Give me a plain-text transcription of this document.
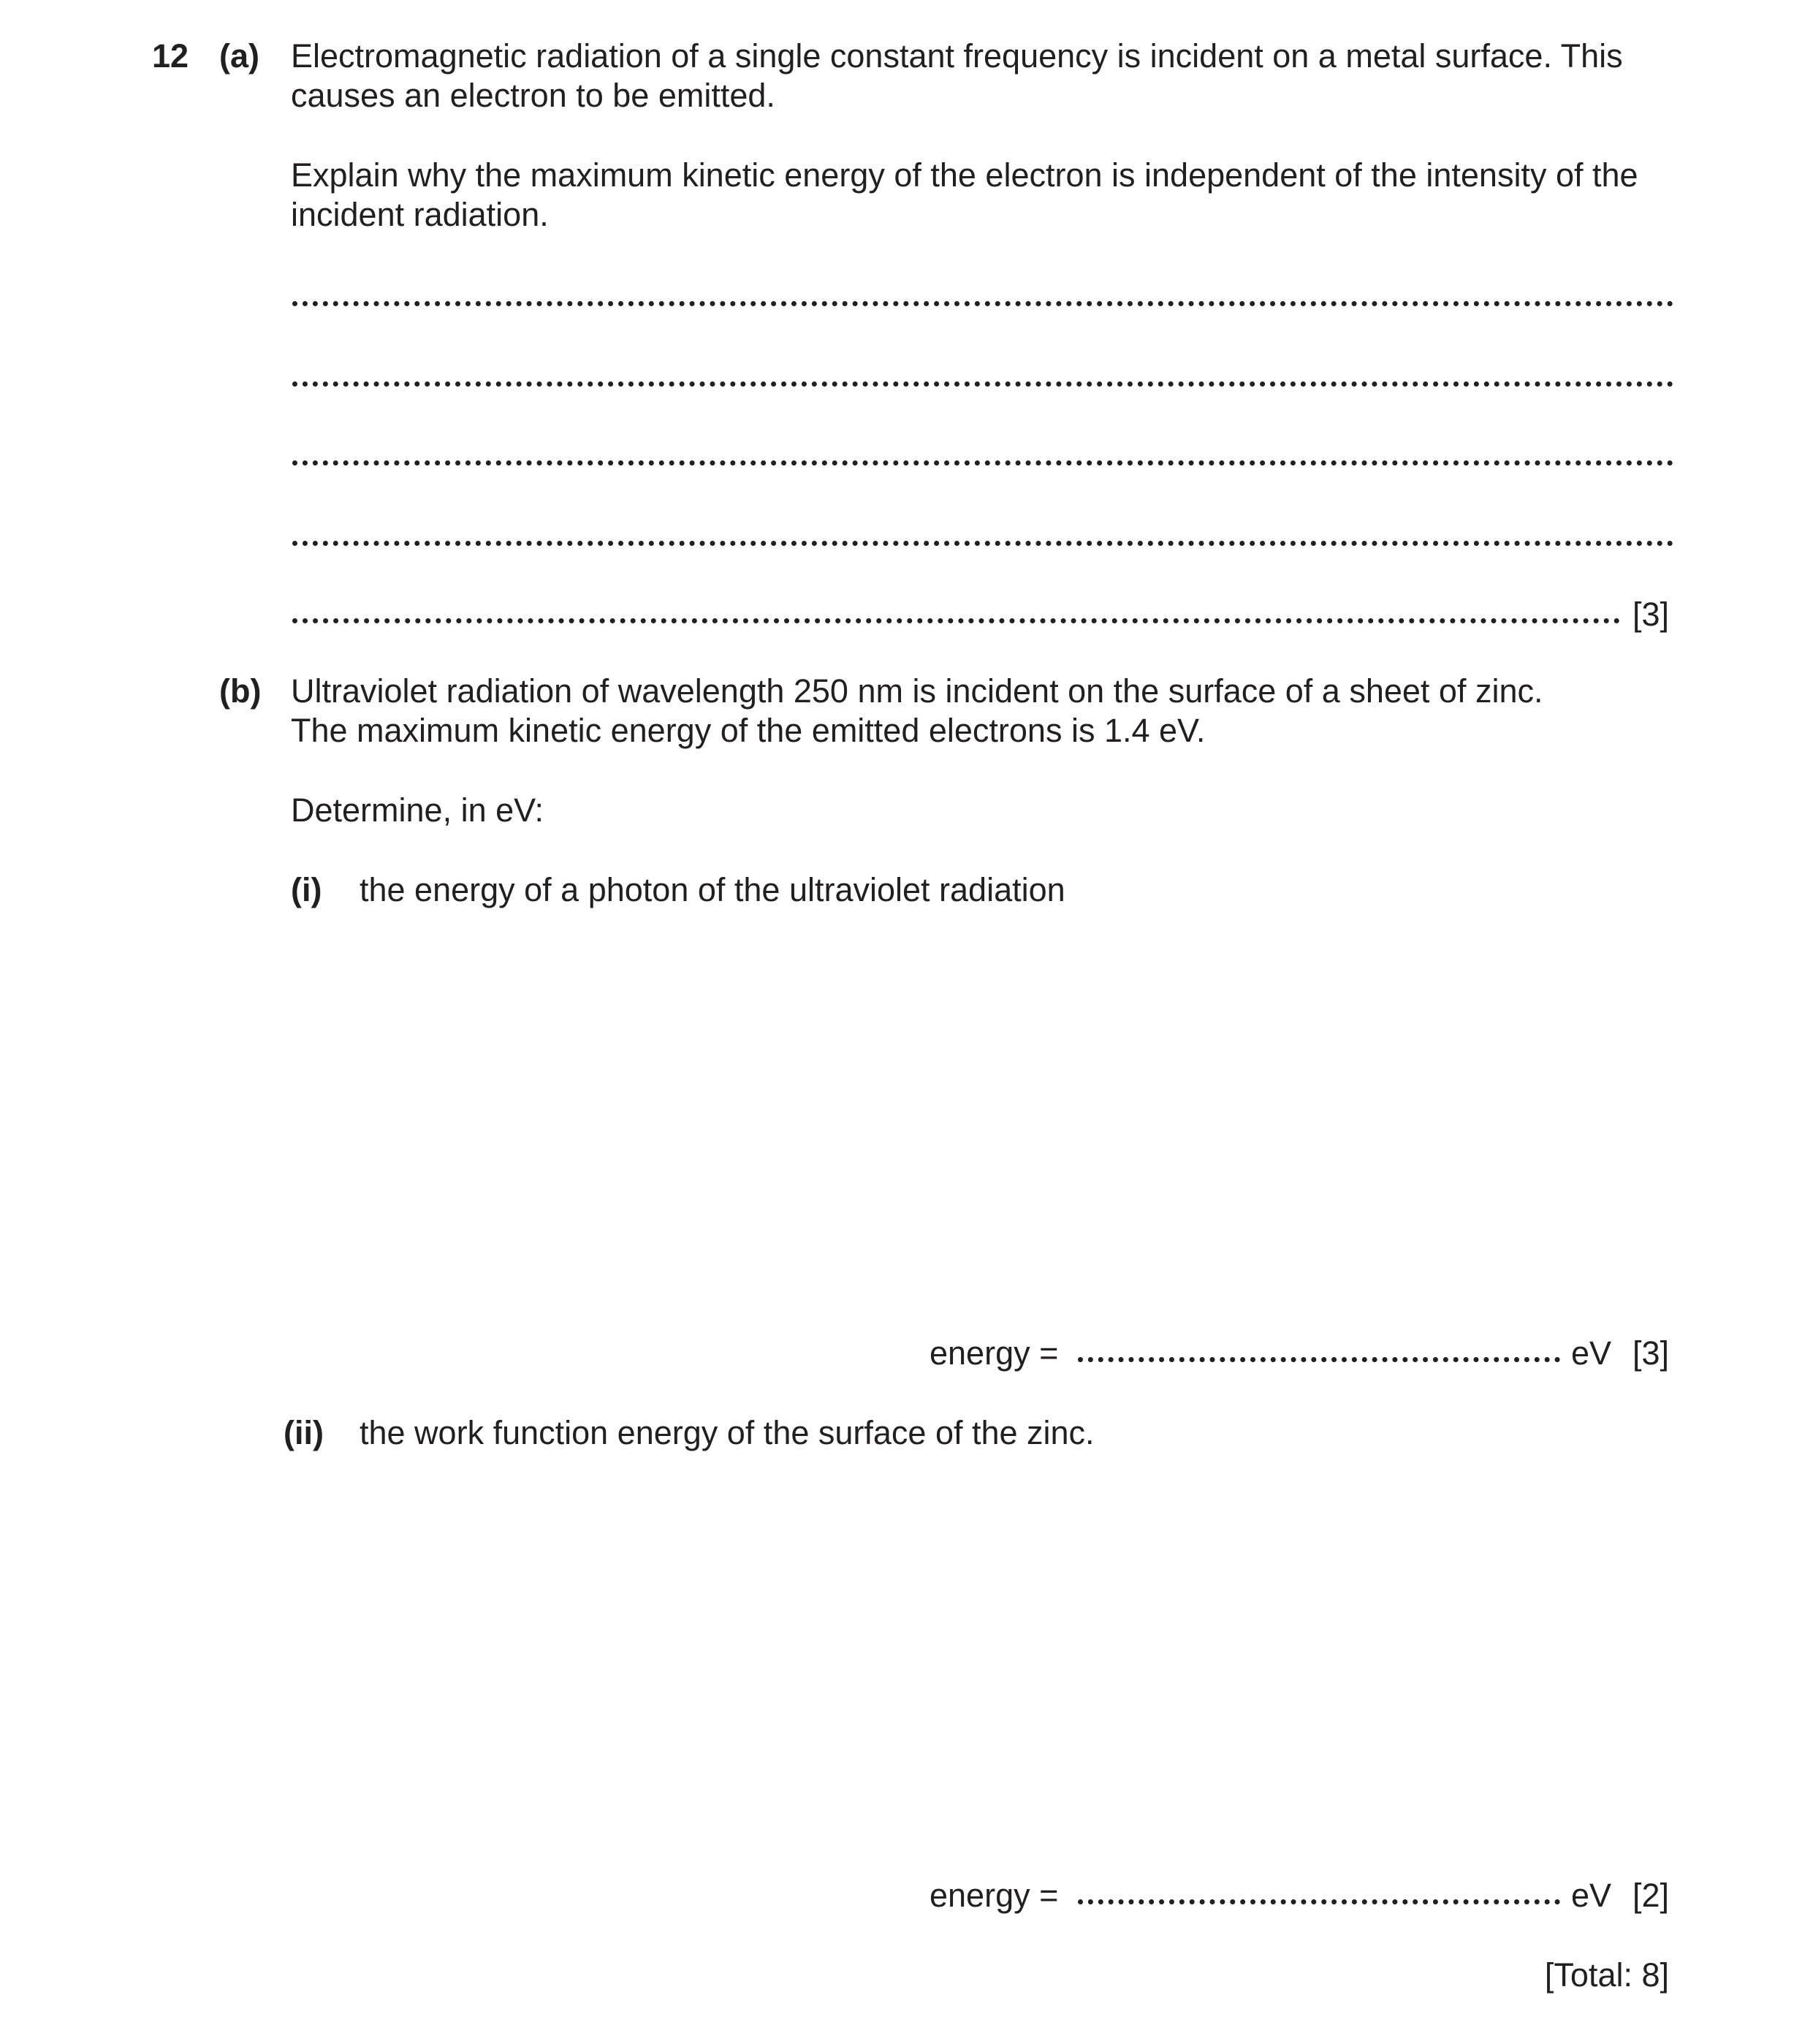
12 (a) Electromagnetic radiation of a single constant frequency is incident on a metal surface. This
causes an electron to be emitted.
Explain why the maximum kinetic energy of the electron is independent of the intensity of the
incident radiation.
[3]
(b) Ultraviolet radiation of wavelength 250 nm is incident on the surface of a sheet of zinc.
The maximum kinetic energy of the emitted electrons is 1.4 eV.
Determine, in eV:
(i) the energy of a photon of the ultraviolet radiation
energy =	eV [3]
(ii) the work function energy of the surface of the zinc.
energy =	eV [2]
[Total: 8]
